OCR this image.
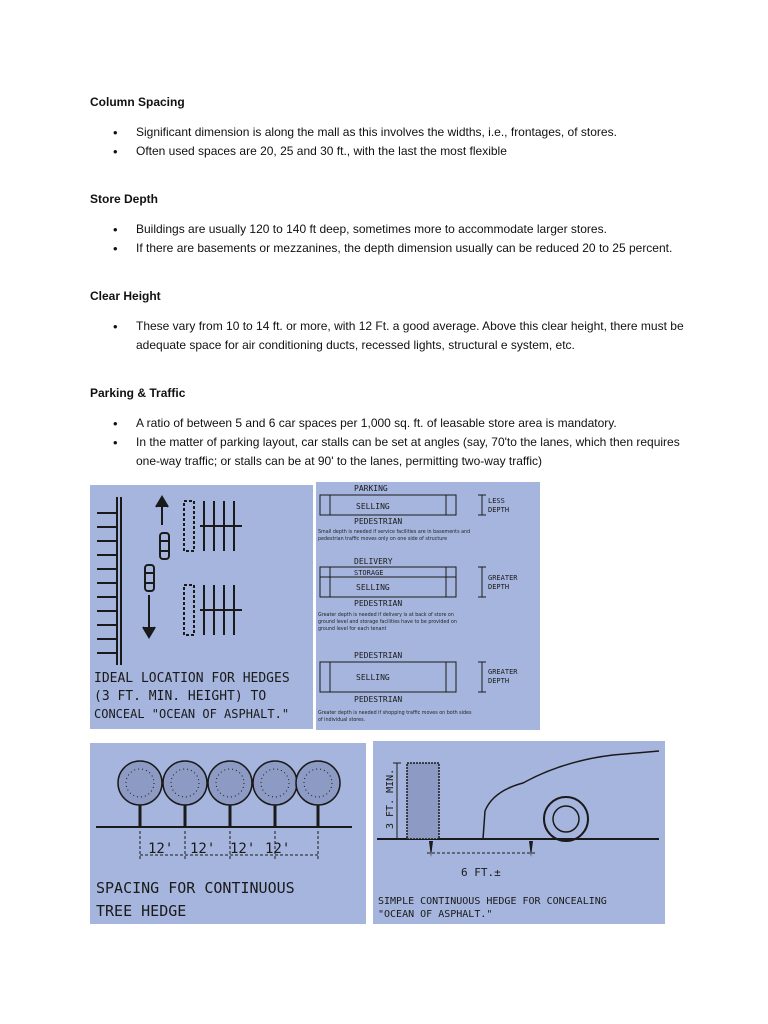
Column Spacing
• Significant dimension is along the mall as this involves the widths, i.e., frontages, of stores.
• Often used spaces are 20, 25 and 30 ft., with the last the most flexible
Store Depth
• Buildings are usually 120 to 140 ft deep, sometimes more to accommodate larger stores.
• If there are basements or mezzanines, the depth dimension usually can be reduced 20 to 25 percent.
Clear Height
• These vary from 10 to 14 ft. or more, with 12 Ft. a good average. Above this clear height, there must be adequate space for air conditioning ducts, recessed lights, structural e system, etc.
Parking & Traffic
• A ratio of between 5 and 6 car spaces per 1,000 sq. ft. of leasable store area is mandatory.
• In the matter of parking layout, car stalls can be set at angles (say, 70'to the lanes, which then requires one-way traffic; or stalls can be at 90' to the lanes, permitting two-way traffic)
IDEAL LOCATION FOR HEDGES
(3 FT. MIN. HEIGHT) TO
CONCEAL "OCEAN OF ASPHALT."
PARKING
SELLING
PEDESTRIAN
LESS
DEPTH
Small depth is needed if service facilities are in basements and
pedestrian traffic moves only on one side of structure
DELIVERY
STORAGE
SELLING
PEDESTRIAN
GREATER
DEPTH
Greater depth is needed if delivery is at back of store on
ground level and storage facilities have to be provided on
ground level for each tenant
PEDESTRIAN
SELLING
PEDESTRIAN
GREATER
DEPTH
Greater depth is needed if shopping traffic moves on both sides
of individual stores.
12' 12' 12' 12'
SPACING FOR CONTINUOUS
TREE HEDGE
3 FT. MIN.
6 FT.±
SIMPLE CONTINUOUS HEDGE FOR CONCEALING
"OCEAN OF ASPHALT."
